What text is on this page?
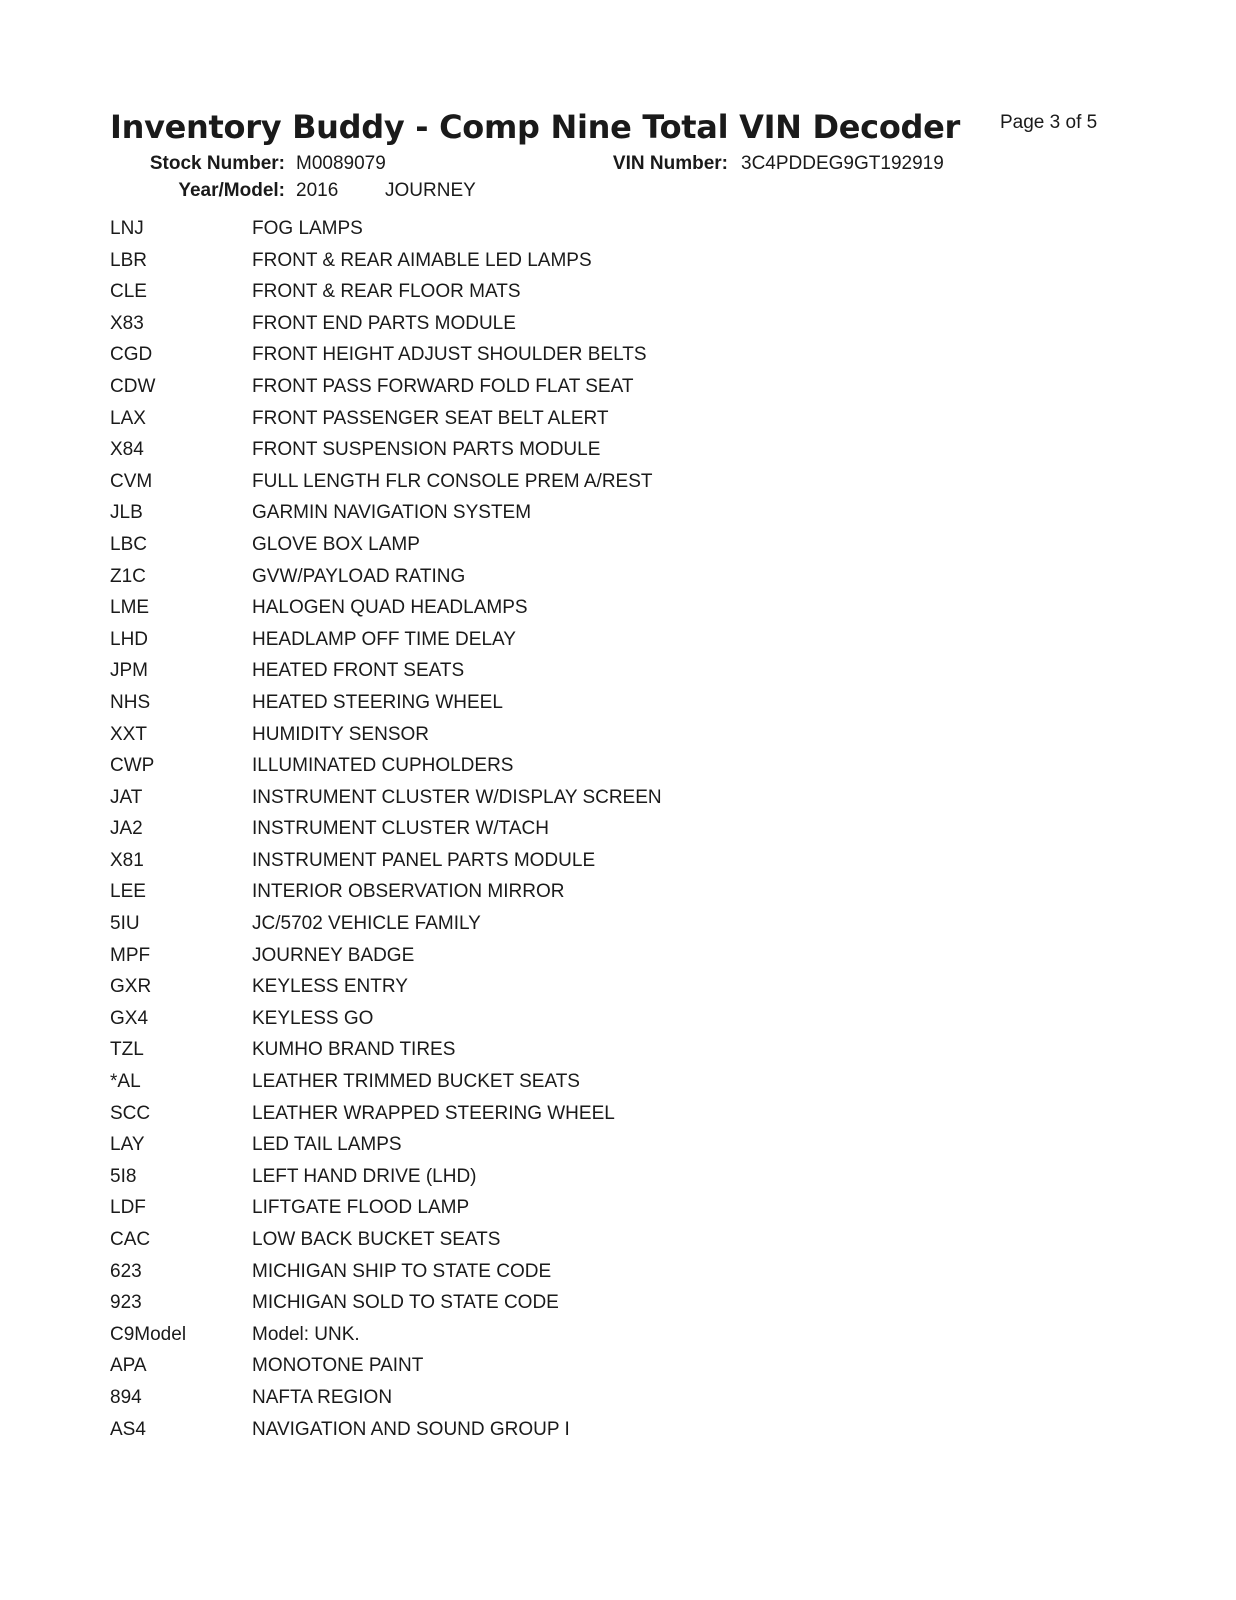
Inventory Buddy - Comp Nine Total VIN Decoder Page 3 of 5
Stock Number: M0089079	VIN Number: 3C4PDDEG9GT192919
Year/Model: 2016 JOURNEY
LNJ	FOG LAMPS
LBR	FRONT & REAR AIMABLE LED LAMPS
CLE	FRONT & REAR FLOOR MATS
X83	FRONT END PARTS MODULE
CGD	FRONT HEIGHT ADJUST SHOULDER BELTS
CDW	FRONT PASS FORWARD FOLD FLAT SEAT
LAX	FRONT PASSENGER SEAT BELT ALERT
X84	FRONT SUSPENSION PARTS MODULE
CVM	FULL LENGTH FLR CONSOLE PREM A/REST
JLB	GARMIN NAVIGATION SYSTEM
LBC	GLOVE BOX LAMP
Z1C	GVW/PAYLOAD RATING
LME	HALOGEN QUAD HEADLAMPS
LHD	HEADLAMP OFF TIME DELAY
JPM	HEATED FRONT SEATS
NHS	HEATED STEERING WHEEL
XXT	HUMIDITY SENSOR
CWP	ILLUMINATED CUPHOLDERS
JAT	INSTRUMENT CLUSTER W/DISPLAY SCREEN
JA2	INSTRUMENT CLUSTER W/TACH
X81	INSTRUMENT PANEL PARTS MODULE
LEE	INTERIOR OBSERVATION MIRROR
5IU	JC/5702 VEHICLE FAMILY
MPF	JOURNEY BADGE
GXR	KEYLESS ENTRY
GX4	KEYLESS GO
TZL	KUMHO BRAND TIRES
*AL	LEATHER TRIMMED BUCKET SEATS
SCC	LEATHER WRAPPED STEERING WHEEL
LAY	LED TAIL LAMPS
5I8	LEFT HAND DRIVE (LHD)
LDF	LIFTGATE FLOOD LAMP
CAC	LOW BACK BUCKET SEATS
623	MICHIGAN SHIP TO STATE CODE
923	MICHIGAN SOLD TO STATE CODE
C9Model	Model: UNK.
APA	MONOTONE PAINT
894	NAFTA REGION
AS4	NAVIGATION AND SOUND GROUP I
